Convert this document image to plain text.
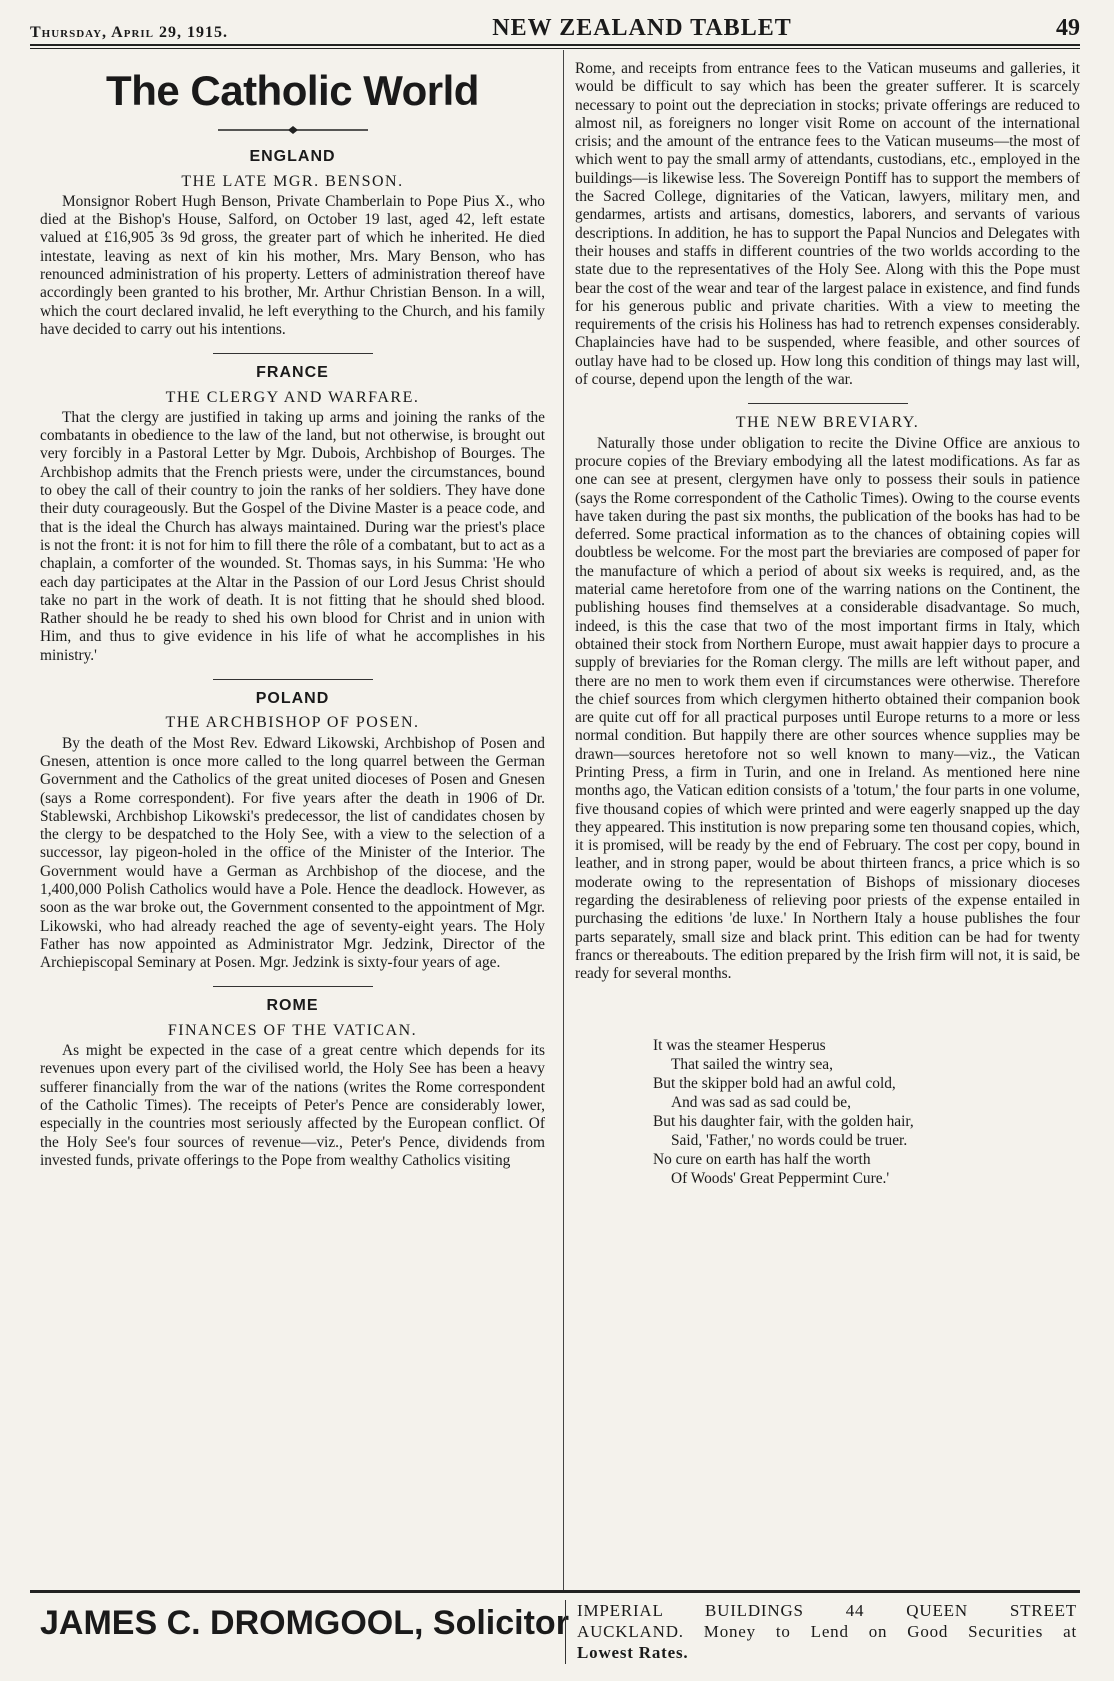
Thursday, April 29, 1915.	NEW ZEALAND TABLET	49
The Catholic World
ENGLAND
THE LATE MGR. BENSON.

Monsignor Robert Hugh Benson, Private Chamberlain to Pope Pius X., who died at the Bishop's House, Salford, on October 19 last, aged 42, left estate valued at £16,905 3s 9d gross, the greater part of which he inherited. He died intestate, leaving as next of kin his mother, Mrs. Mary Benson, who has renounced administration of his property. Letters of administration thereof have accordingly been granted to his brother, Mr. Arthur Christian Benson. In a will, which the court declared invalid, he left everything to the Church, and his family have decided to carry out his intentions.

FRANCE
THE CLERGY AND WARFARE.

That the clergy are justified in taking up arms and joining the ranks of the combatants in obedience to the law of the land, but not otherwise, is brought out very forcibly in a Pastoral Letter by Mgr. Dubois, Archbishop of Bourges. The Archbishop admits that the French priests were, under the circumstances, bound to obey the call of their country to join the ranks of her soldiers. They have done their duty courageously. But the Gospel of the Divine Master is a peace code, and that is the ideal the Church has always maintained. During war the priest's place is not the front: it is not for him to fill there the rôle of a combatant, but to act as a chaplain, a comforter of the wounded. St. Thomas says, in his Summa: 'He who each day participates at the Altar in the Passion of our Lord Jesus Christ should take no part in the work of death. It is not fitting that he should shed blood. Rather should he be ready to shed his own blood for Christ and in union with Him, and thus to give evidence in his life of what he accomplishes in his ministry.'

POLAND
THE ARCHBISHOP OF POSEN.

By the death of the Most Rev. Edward Likowski, Archbishop of Posen and Gnesen, attention is once more called to the long quarrel between the German Government and the Catholics of the great united dioceses of Posen and Gnesen (says a Rome correspondent). For five years after the death in 1906 of Dr. Stablewski, Archbishop Likowski's predecessor, the list of candidates chosen by the clergy to be despatched to the Holy See, with a view to the selection of a successor, lay pigeon-holed in the office of the Minister of the Interior. The Government would have a German as Archbishop of the diocese, and the 1,400,000 Polish Catholics would have a Pole. Hence the deadlock. However, as soon as the war broke out, the Government consented to the appointment of Mgr. Likowski, who had already reached the age of seventy-eight years. The Holy Father has now appointed as Administrator Mgr. Jedzink, Director of the Archiepiscopal Seminary at Posen. Mgr. Jedzink is sixty-four years of age.

ROME
FINANCES OF THE VATICAN.

As might be expected in the case of a great centre which depends for its revenues upon every part of the civilised world, the Holy See has been a heavy sufferer financially from the war of the nations (writes the Rome correspondent of the Catholic Times). The receipts of Peter's Pence are considerably lower, especially in the countries most seriously affected by the European conflict. Of the Holy See's four sources of revenue—viz., Peter's Pence, dividends from invested funds, private offerings to the Pope from wealthy Catholics visiting

Rome, and receipts from entrance fees to the Vatican museums and galleries, it would be difficult to say which has been the greater sufferer. It is scarcely necessary to point out the depreciation in stocks; private offerings are reduced to almost nil, as foreigners no longer visit Rome on account of the international crisis; and the amount of the entrance fees to the Vatican museums—the most of which went to pay the small army of attendants, custodians, etc., employed in the buildings—is likewise less. The Sovereign Pontiff has to support the members of the Sacred College, dignitaries of the Vatican, lawyers, military men, and gendarmes, artists and artisans, domestics, laborers, and servants of various descriptions. In addition, he has to support the Papal Nuncios and Delegates with their houses and staffs in different countries of the two worlds according to the state due to the representatives of the Holy See. Along with this the Pope must bear the cost of the wear and tear of the largest palace in existence, and find funds for his generous public and private charities. With a view to meeting the requirements of the crisis his Holiness has had to retrench expenses considerably. Chaplaincies have had to be suspended, where feasible, and other sources of outlay have had to be closed up. How long this condition of things may last will, of course, depend upon the length of the war.

THE NEW BREVIARY.

Naturally those under obligation to recite the Divine Office are anxious to procure copies of the Breviary embodying all the latest modifications. As far as one can see at present, clergymen have only to possess their souls in patience (says the Rome correspondent of the Catholic Times). Owing to the course events have taken during the past six months, the publication of the books has had to be deferred. Some practical information as to the chances of obtaining copies will doubtless be welcome. For the most part the breviaries are composed of paper for the manufacture of which a period of about six weeks is required, and, as the material came heretofore from one of the warring nations on the Continent, the publishing houses find themselves at a considerable disadvantage. So much, indeed, is this the case that two of the most important firms in Italy, which obtained their stock from Northern Europe, must await happier days to procure a supply of breviaries for the Roman clergy. The mills are left without paper, and there are no men to work them even if circumstances were otherwise. Therefore the chief sources from which clergymen hitherto obtained their companion book are quite cut off for all practical purposes until Europe returns to a more or less normal condition. But happily there are other sources whence supplies may be drawn—sources heretofore not so well known to many—viz., the Vatican Printing Press, a firm in Turin, and one in Ireland. As mentioned here nine months ago, the Vatican edition consists of a 'totum,' the four parts in one volume, five thousand copies of which were printed and were eagerly snapped up the day they appeared. This institution is now preparing some ten thousand copies, which, it is promised, will be ready by the end of February. The cost per copy, bound in leather, and in strong paper, would be about thirteen francs, a price which is so moderate owing to the representation of Bishops of missionary dioceses regarding the desirableness of relieving poor priests of the expense entailed in purchasing the editions 'de luxe.' In Northern Italy a house publishes the four parts separately, small size and black print. This edition can be had for twenty francs or thereabouts. The edition prepared by the Irish firm will not, it is said, be ready for several months.

It was the steamer Hesperus
That sailed the wintry sea,
But the skipper bold had an awful cold,
And was sad as sad could be,
But his daughter fair, with the golden hair,
Said, 'Father,' no words could be truer.
No cure on earth has half the worth
Of Woods' Great Peppermint Cure.'
JAMES C. DROMGOOL, Solicitor IMPERIAL BUILDINGS 44 QUEEN STREET
AUCKLAND. Money to Lend on Good Securities at
Lowest Rates.
